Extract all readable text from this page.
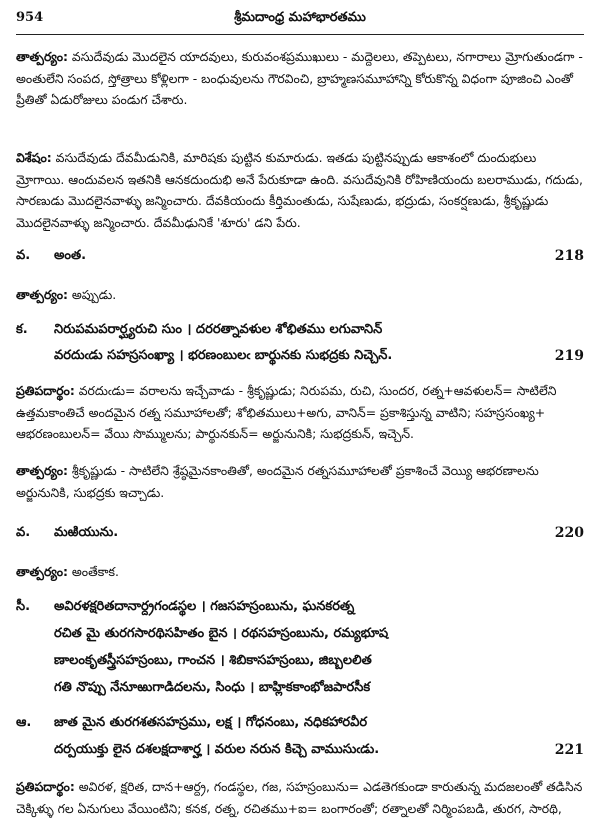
954	శ్రీమదాంధ్ర మహాభారతము
తాత్పర్యం: వసుదేవుడు మొదలైన యాదవులు, కురువంశప్రముఖులు - మద్దెలలు, తప్పెటలు, నగారాలు మ్రోగుతుండగా - అంతులేని సంపద, స్తోత్రాలు కోళ్లిలగా - బంధువులను గౌరవించి, బ్రాహ్మణసమూహాన్ని కోరుకొన్న విధంగా పూజించి ఎంతో ప్రీతితో ఏడురోజులు పండుగ చేశారు.
విశేషం: వసుదేవుడు దేవమీడునికి, మారిషకు పుట్టిన కుమారుడు. ఇతడు పుట్టినప్పుడు ఆకాశంలో దుందుభులు మ్రోగాయి. ఆందువలన ఇతనికి ఆనకదుందుభి అనే పేరుకూడా ఉంది. వసుదేవునికి రోహిణియందు బలరాముడు, గదుడు, సారణుడు మొదలైనవాళ్ళు జన్మించారు. దేవకియందు కీర్తిమంతుడు, సుషేణుడు, భద్రుడు, సంకర్షణుడు, శ్రీకృష్ణుడు మొదలైనవాళ్ళు జన్మించారు. దేవమీఢునికే 'శూరు' డని పేరు.
వ. అంత.	218
తాత్పర్యం: అప్పుడు.
క. నిరుపమపరార్ఘ్యరుచి సుం । దరరత్నావళుల శోభితము లగువానిన్
వరదుఁడు సహస్రసంఖ్యా । భరణంబులఁ బార్థునకు సుభద్రకు నిచ్చెన్.	219
ప్రతిపదార్థం: వరదుఁడు= వరాలను ఇచ్చేవాడు - శ్రీకృష్ణుడు; నిరుపమ, రుచి, సుందర, రత్న+ఆవళులన్= సాటిలేని ఉత్తమకాంతిచే అందమైన రత్న సమూహాలతో; శోభితములు+అగు, వానిన్= ప్రకాశిస్తున్న వాటిని; సహస్రసంఖ్య+ ఆభరణంబులన్= వేయి సొమ్ములను; పార్థునకున్= అర్జునునికి; సుభద్రకున్, ఇచ్చెన్.
తాత్పర్యం: శ్రీకృష్ణుడు - సాటిలేని శ్రేష్ఠమైనకాంతితో, అందమైన రత్నసమూహాలతో ప్రకాశించే వెయ్యి ఆభరణాలను అర్జునునికి, సుభద్రకు ఇచ్చాడు.
వ. మఱియును.	220
తాత్పర్యం: అంతేకాక.
సీ. అవిరళక్షరితదానార్ద్రగండస్థల । గజసహస్రంబును, ఘనకరత్న
రచిత మై తురగసారథిసహితం బైన । రథసహస్రంబును, రమ్యభూష
ణాలంకృతస్త్రీసహస్రంబు, గాంచన । శిబికాసహస్రంబు, జిబ్బలలిత
గతి నొప్పు నేనూఱుగాడిదలను, సింధు । బాహ్లికకాంభోజపారసీక
ఆ. జాత మైన తురగశతసహస్రము, లక్ష । గోధనంబు, నధికహారవీర
దర్పయుక్తు లైన దశలక్షదాశార్హ । వరుల నరున కిచ్చె వాముసుఁడు.	221
ప్రతిపదార్థం: అవిరళ, క్షరిత, దాన+ఆర్ద్ర, గండస్థల, గజ, సహస్రంబును= ఎడతెగకుండా కారుతున్న మదజలంతో తడిసిన చెక్కిళ్ళు గల ఏనుగులు వేయింటిని; కనక, రత్న, రచితము+ఐ= బంగారంతో; రత్నాలతో నిర్మింపబడి, తురగ, సారథి,
